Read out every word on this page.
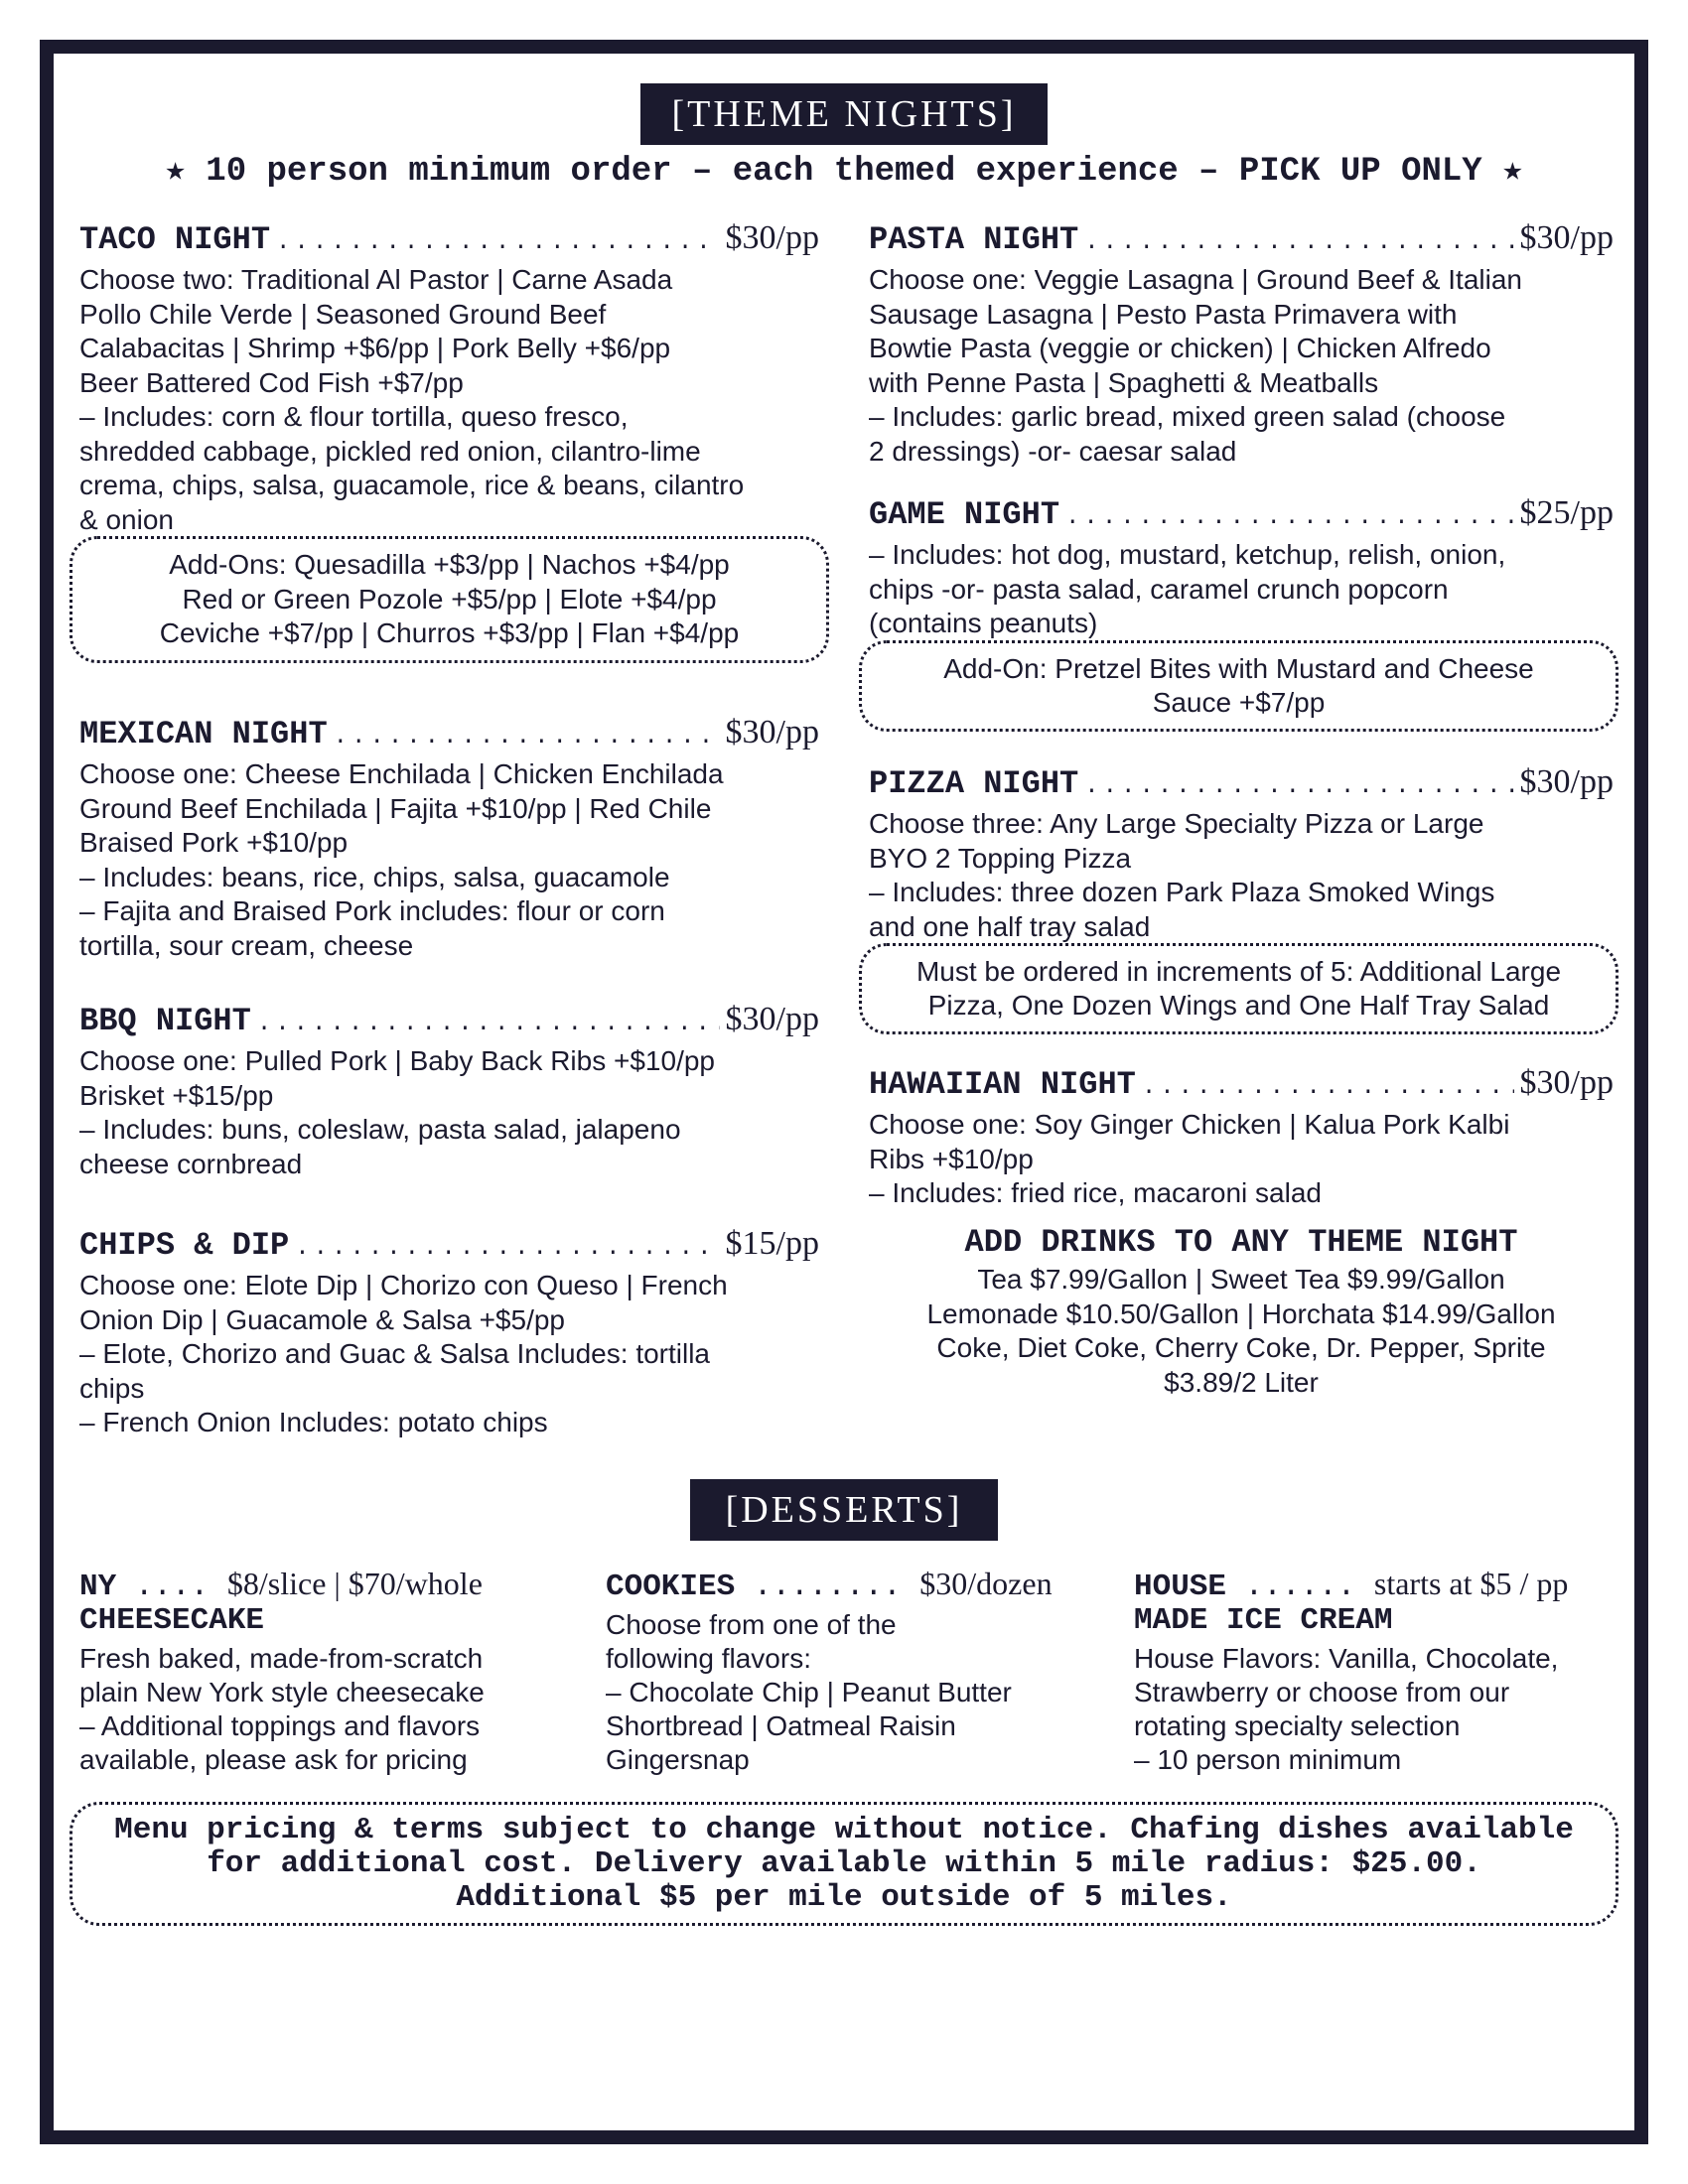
[THEME NIGHTS]
★ 10 person minimum order – each themed experience – PICK UP ONLY ★
TACO NIGHT .....	$30/pp

Choose two: Traditional Al Pastor | Carne Asada
Pollo Chile Verde | Seasoned Ground Beef
Calabacitas | Shrimp +$6/pp | Pork Belly +$6/pp
Beer Battered Cod Fish +$7/pp
– Includes: corn & flour tortilla, queso fresco,
shredded cabbage, pickled red onion, cilantro-lime
crema, chips, salsa, guacamole, rice & beans, cilantro
& onion

Add-Ons: Quesadilla +$3/pp | Nachos +$4/pp
Red or Green Pozole +$5/pp | Elote +$4/pp
Ceviche +$7/pp | Churros +$3/pp | Flan +$4/pp
MEXICAN NIGHT .....	$30/pp

Choose one: Cheese Enchilada | Chicken Enchilada
Ground Beef Enchilada | Fajita +$10/pp | Red Chile
Braised Pork +$10/pp
– Includes: beans, rice, chips, salsa, guacamole
– Fajita and Braised Pork includes: flour or corn
tortilla, sour cream, cheese

BBQ NIGHT .....	$30/pp

Choose one: Pulled Pork | Baby Back Ribs +$10/pp
Brisket +$15/pp
– Includes: buns, coleslaw, pasta salad, jalapeno
cheese cornbread

CHIPS & DIP .....	$15/pp

Choose one: Elote Dip | Chorizo con Queso | French
Onion Dip | Guacamole & Salsa +$5/pp
– Elote, Chorizo and Guac & Salsa Includes: tortilla
chips
– French Onion Includes: potato chips

PASTA NIGHT .....	$30/pp

Choose one: Veggie Lasagna | Ground Beef & Italian
Sausage Lasagna | Pesto Pasta Primavera with
Bowtie Pasta (veggie or chicken) | Chicken Alfredo
with Penne Pasta | Spaghetti & Meatballs
– Includes: garlic bread, mixed green salad (choose
2 dressings) -or- caesar salad

GAME NIGHT .....	$25/pp

– Includes: hot dog, mustard, ketchup, relish, onion,
chips -or- pasta salad, caramel crunch popcorn
(contains peanuts)

Add-On: Pretzel Bites with Mustard and Cheese
Sauce +$7/pp
PIZZA NIGHT .....	$30/pp

Choose three: Any Large Specialty Pizza or Large
BYO 2 Topping Pizza
– Includes: three dozen Park Plaza Smoked Wings
and one half tray salad

Must be ordered in increments of 5: Additional Large
Pizza, One Dozen Wings and One Half Tray Salad
HAWAIIAN NIGHT .....	$30/pp

Choose one: Soy Ginger Chicken | Kalua Pork Kalbi
Ribs +$10/pp
– Includes: fried rice, macaroni salad

ADD DRINKS TO ANY THEME NIGHT
Tea $7.99/Gallon | Sweet Tea $9.99/Gallon
Lemonade $10.50/Gallon | Horchata $14.99/Gallon
Coke, Diet Coke, Cherry Coke, Dr. Pepper, Sprite
$3.89/2 Liter
[DESSERTS]
NY .... $8/slice | $70/whole
CHEESECAKE

Fresh baked, made-from-scratch
plain New York style cheesecake
– Additional toppings and flavors
available, please ask for pricing

COOKIES ........ $30/dozen

Choose from one of the
following flavors:
– Chocolate Chip | Peanut Butter
Shortbread | Oatmeal Raisin
Gingersnap

HOUSE ...... starts at $5 / pp
MADE ICE CREAM

House Flavors: Vanilla, Chocolate,
Strawberry or choose from our
rotating specialty selection
– 10 person minimum

Menu pricing & terms subject to change without notice. Chafing dishes available
for additional cost. Delivery available within 5 mile radius: $25.00.
Additional $5 per mile outside of 5 miles.
